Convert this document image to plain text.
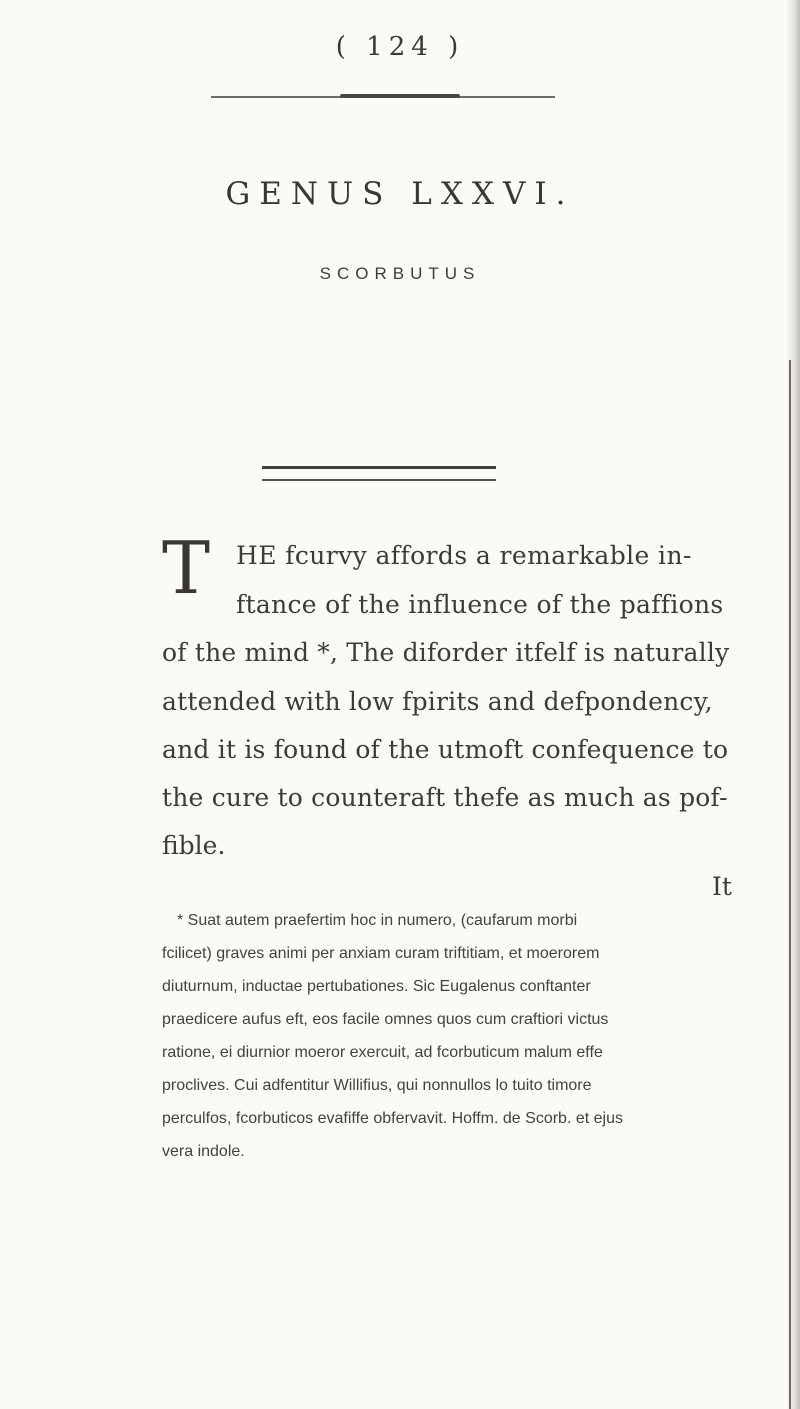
( 124 )
GENUS LXXVI.
SCORBUTUS
T HE fcurvy affords a remarkable in-
ftance of the influence of the paffions
of the mind *, The diforder itfelf is naturally
attended with low fpirits and defpondency,
and it is found of the utmoft confequence to
the cure to counteraft thefe as much as pof-
fible.
It
* Suat autem praefertim hoc in numero, (caufarum morbi
fcilicet) graves animi per anxiam curam triftitiam, et moerorem
diuturnum, inductae pertubationes. Sic Eugalenus conftanter
praedicere aufus eft, eos facile omnes quos cum craftiori victus
ratione, ei diurnior moeror exercuit, ad fcorbuticum malum effe
proclives. Cui adfentitur Willifius, qui nonnullos lo tuito timore
perculfos, fcorbuticos evafiffe obfervavit. Hoffm. de Scorb. et ejus
vera indole.
